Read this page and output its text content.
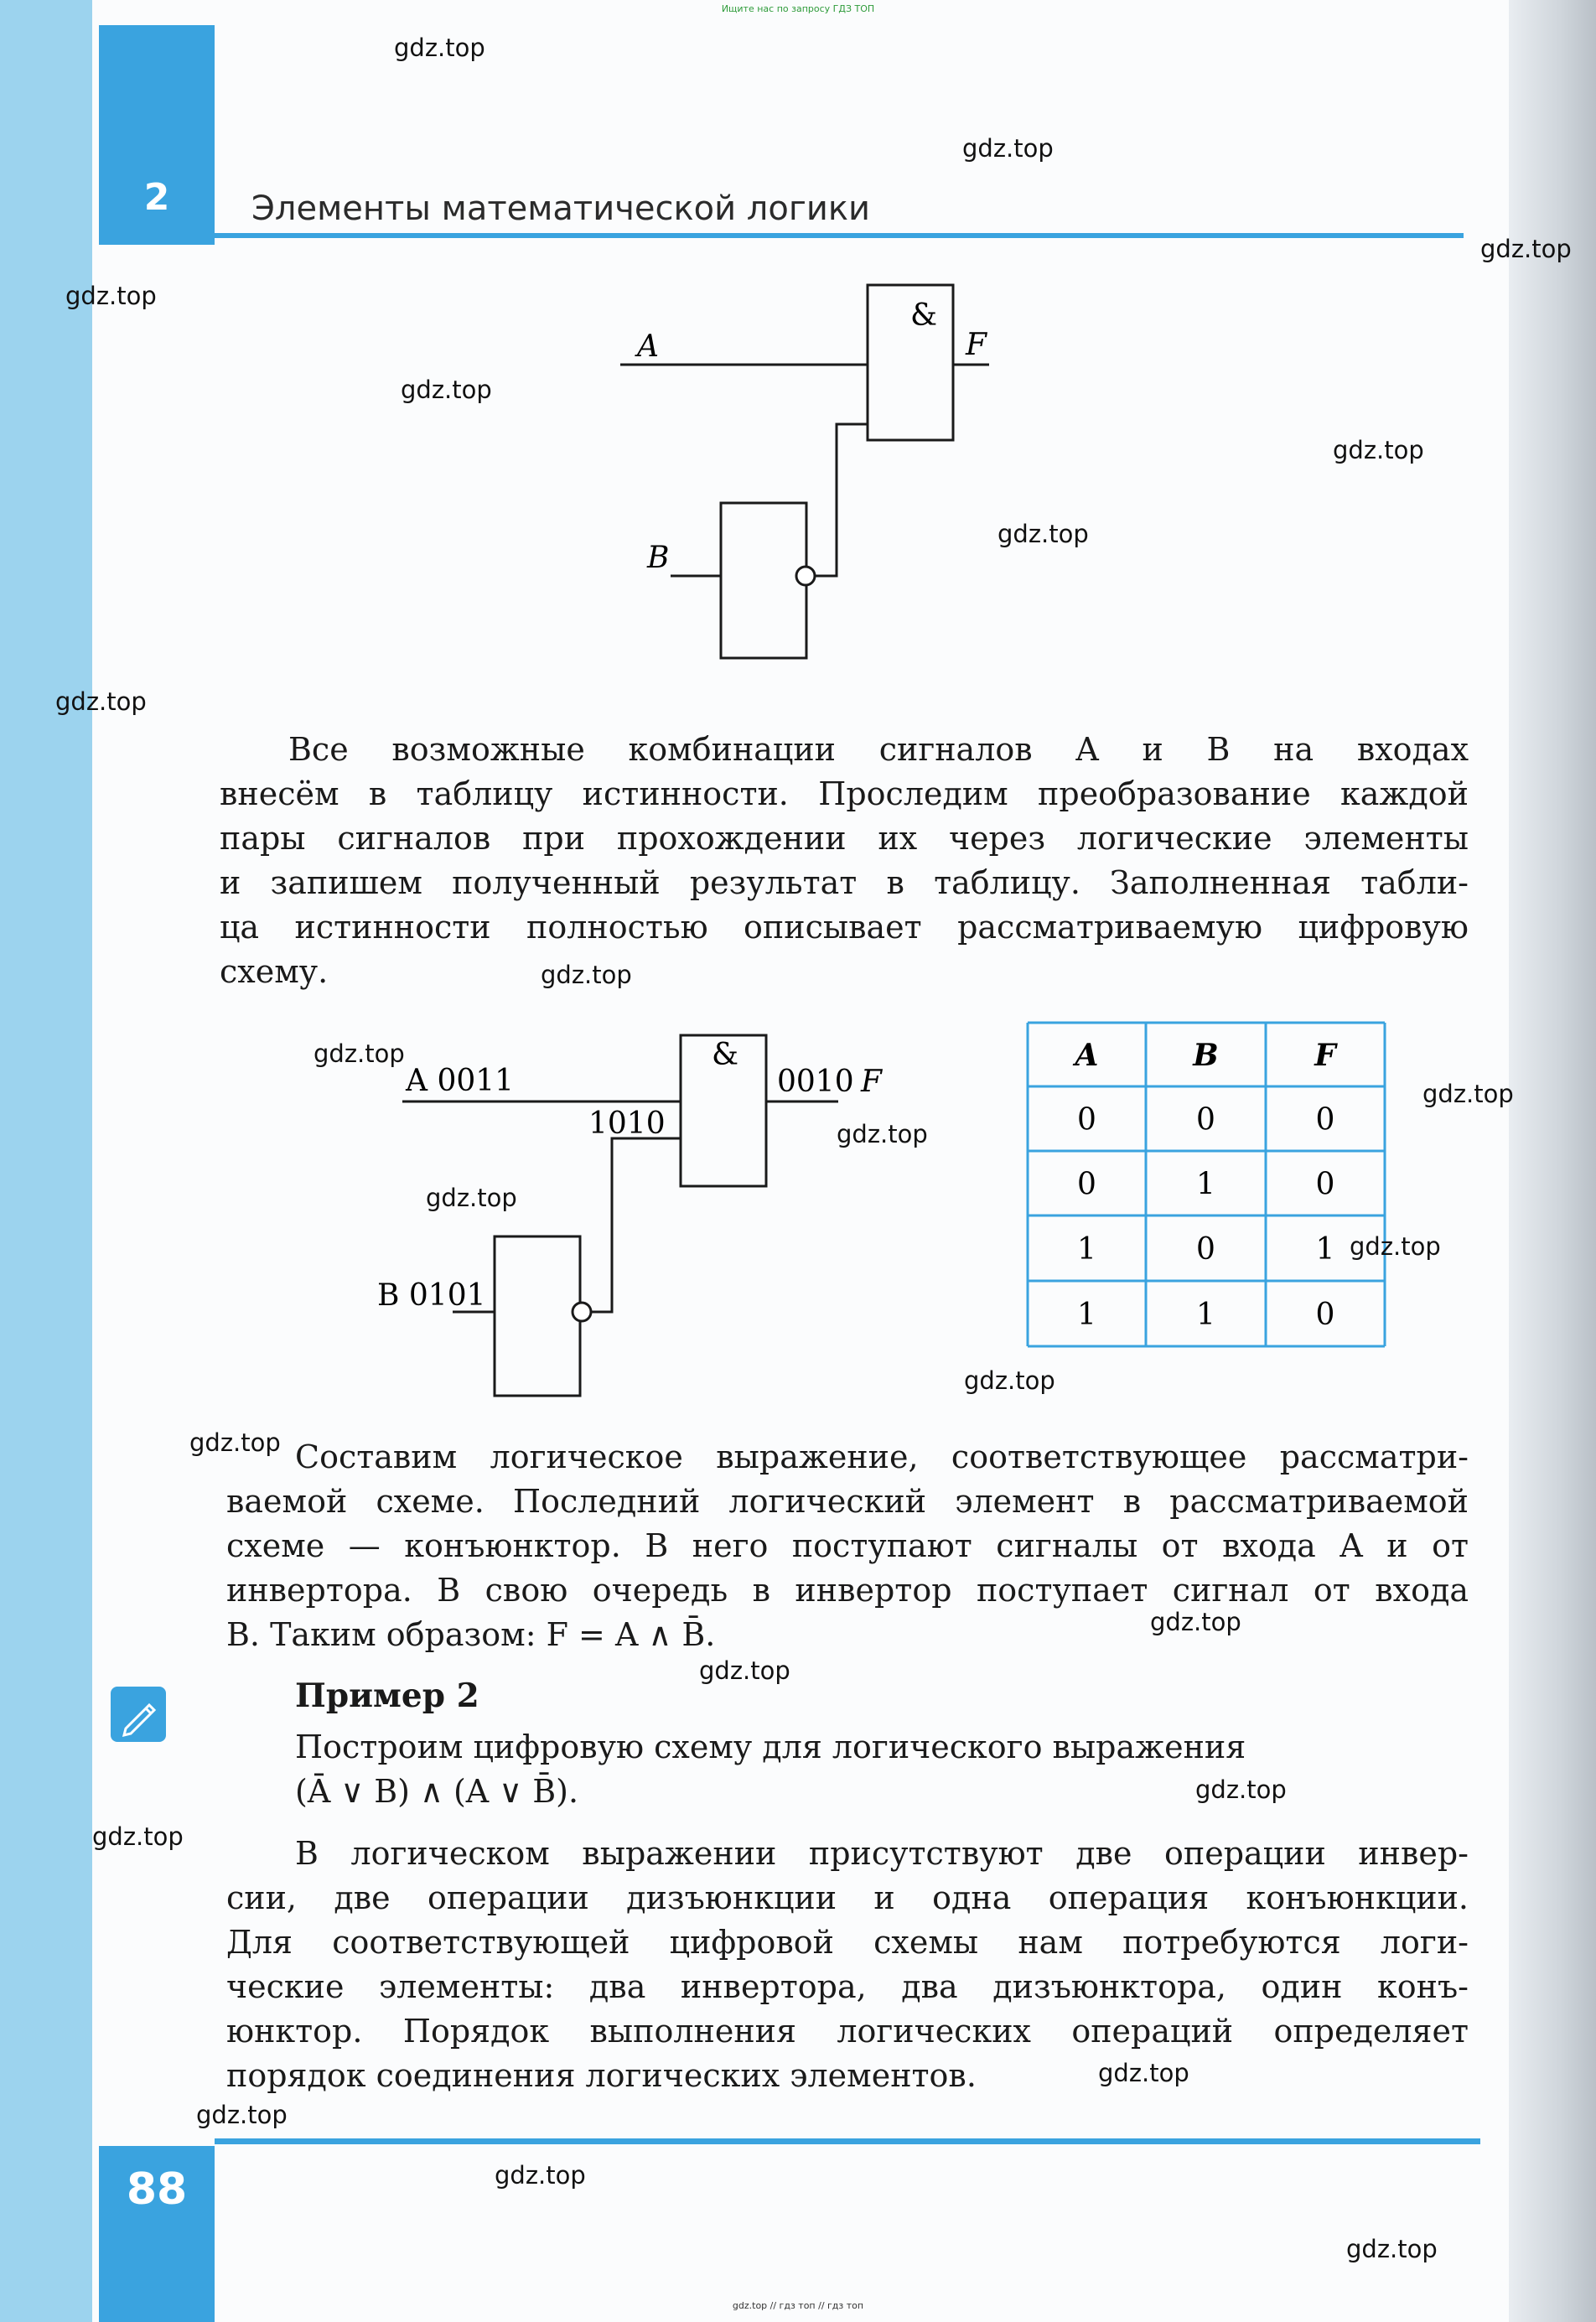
Ищите нас по запросу ГДЗ ТОП
2	Элементы математической логики
&
A
B
F
Все возможные комбинации сигналов A и B на входах
внесём в таблицу истинности. Проследим преобразование каждой
пары сигналов при прохождении их через логические элементы
и запишем полученный результат в таблицу. Заполненная табли-
ца истинности полностью описывает рассматриваемую цифровую
схему.
&
A 0011
1010
B 0101
0010 F
A	B	F
0	0	0
0	1	0
1	0	1
1	1	0
Составим логическое выражение, соответствующее рассматри-
ваемой схеме. Последний логический элемент в рассматриваемой
схеме — конъюнктор. В него поступают сигналы от входа A и от
инвертора. В свою очередь в инвертор поступает сигнал от входа
B. Таким образом: F = A ∧ B̄.
Пример 2
Построим цифровую схему для логического выражения
(Ā ∨ B) ∧ (A ∨ B̄).
В логическом выражении присутствуют две операции инвер-
сии, две операции дизъюнкции и одна операция конъюнкции.
Для соответствующей цифровой схемы нам потребуются логи-
ческие элементы: два инвертора, два дизъюнктора, один конъ-
юнктор. Порядок выполнения логических операций определяет
порядок соединения логических элементов.
88
gdz.top
gdz.top
gdz.top
gdz.top
gdz.top
gdz.top
gdz.top
gdz.top
gdz.top
gdz.top
gdz.top
gdz.top
gdz.top
gdz.top
gdz.top
gdz.top
gdz.top
gdz.top
gdz.top
gdz.top
gdz.top
gdz.top
gdz.top
gdz.top
gdz.top // гдз топ // гдз топ
